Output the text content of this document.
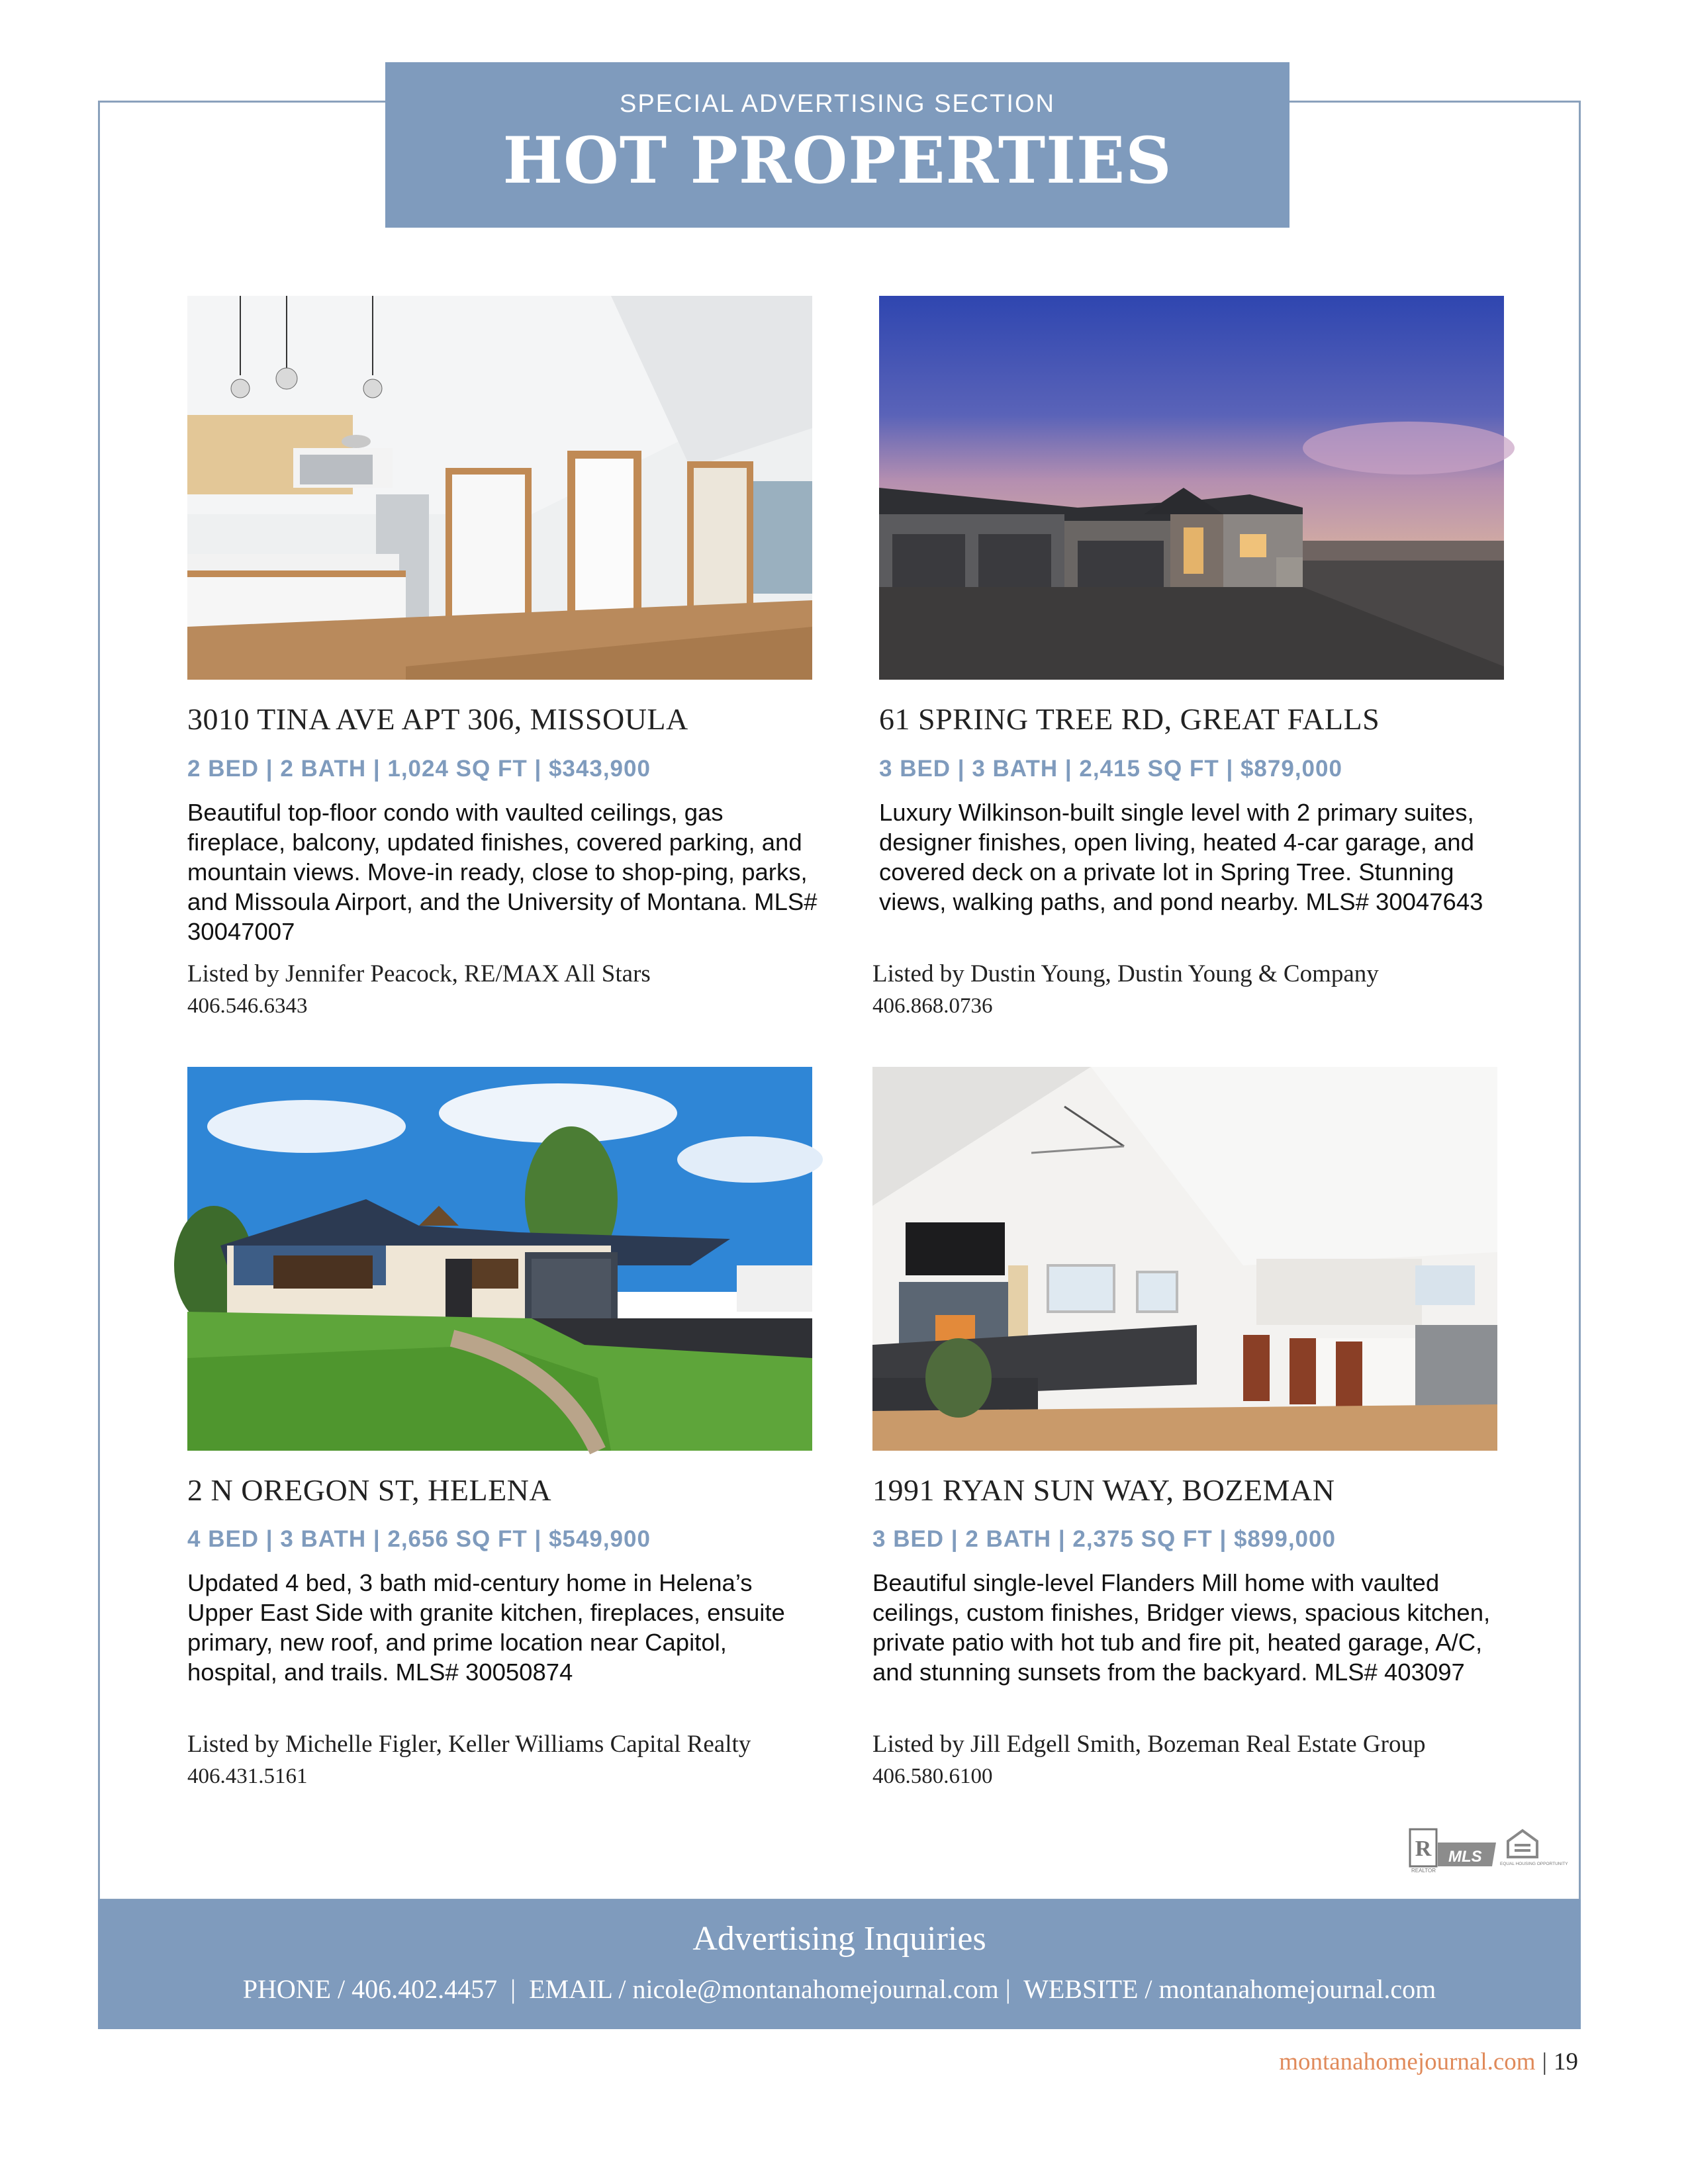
SPECIAL ADVERTISING SECTION
HOT PROPERTIES
3010 TINA AVE APT 306, MISSOULA
2 BED | 2 BATH | 1,024 SQ FT | $343,900
Beautiful top-floor condo with vaulted ceilings, gas fireplace, balcony, updated finishes, covered parking, and mountain views. Move-in ready, close to shop-ping, parks, and Missoula Airport, and the University of Montana. MLS# 30047007
Listed by Jennifer Peacock, RE/MAX All Stars
406.546.6343
61 SPRING TREE RD, GREAT FALLS
3 BED | 3 BATH | 2,415 SQ FT | $879,000
Luxury Wilkinson-built single level with 2 primary suites, designer finishes, open living, heated 4-car garage, and covered deck on a private lot in Spring Tree. Stunning views, walking paths, and pond nearby. MLS# 30047643
Listed by Dustin Young, Dustin Young & Company
406.868.0736
2 N OREGON ST, HELENA
4 BED | 3 BATH | 2,656 SQ FT | $549,900
Updated 4 bed, 3 bath mid-century home in Helena’s Upper East Side with granite kitchen, fireplaces, ensuite primary, new roof, and prime location near Capitol, hospital, and trails. MLS# 30050874
Listed by Michelle Figler, Keller Williams Capital Realty
406.431.5161
1991 RYAN SUN WAY, BOZEMAN
3 BED | 2 BATH | 2,375 SQ FT | $899,000
Beautiful single-level Flanders Mill home with vaulted ceilings, custom finishes, Bridger views, spacious kitchen, private patio with hot tub and fire pit, heated garage, A/C, and stunning sunsets from the backyard. MLS# 403097
Listed by Jill Edgell Smith, Bozeman Real Estate Group
406.580.6100
R
REALTOR
MLS	EQUAL HOUSING OPPORTUNITY
Advertising Inquiries
PHONE / 406.402.4457  |  EMAIL / nicole@montanahomejournal.com |  WEBSITE / montanahomejournal.com
montanahomejournal.com | 19
